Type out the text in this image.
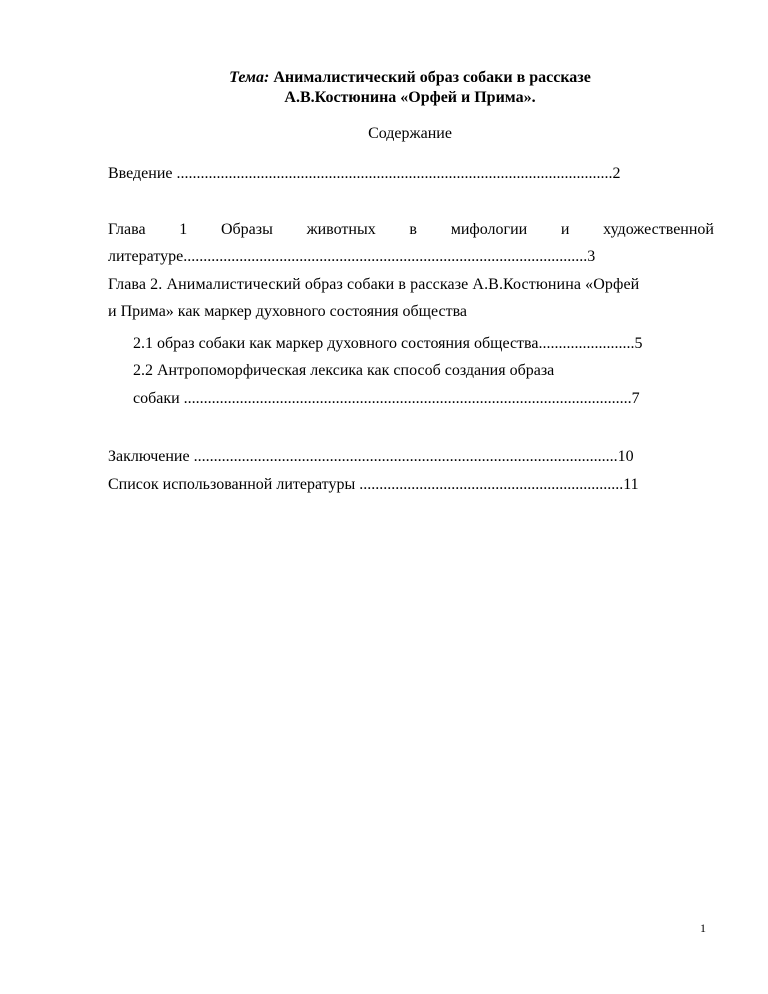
Тема: Анималистический образ собаки в рассказе
А.В.Костюнина «Орфей и Прима».
Содержание
Введение .............................................................................................................2
Глава 1 Образы животных в мифологии и художественной
литературе.....................................................................................................3
Глава 2. Анималистический образ собаки в рассказе А.В.Костюнина «Орфей
и Прима» как маркер духовного состояния общества
2.1 образ собаки как маркер духовного состояния общества........................5
2.2 Антропоморфическая лексика как способ создания образа
собаки ................................................................................................................7
Заключение ..........................................................................................................10
Список использованной литературы ..................................................................11
1
